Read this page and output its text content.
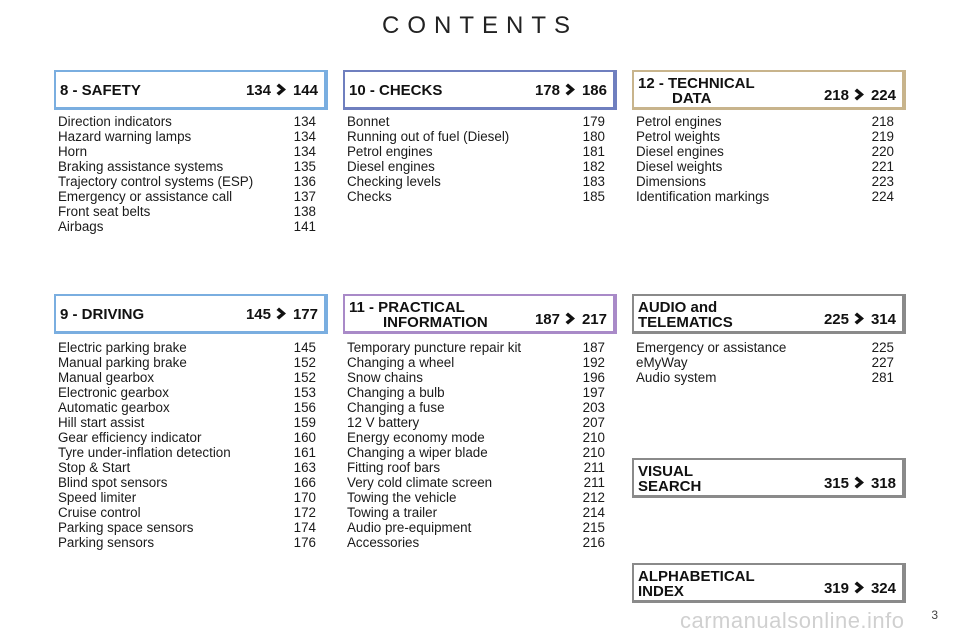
CONTENTS
8 - SAFETY	134 144
Direction indicators	134
Hazard warning lamps	134
Horn	134
Braking assistance systems	135
Trajectory control systems (ESP)	136
Emergency or assistance call	137
Front seat belts	138
Airbags	141
10 - CHECKS	178 186
Bonnet	179
Running out of fuel (Diesel)	180
Petrol engines	181
Diesel engines	182
Checking levels	183
Checks	185
12 - TECHNICAL
DATA	218 224
Petrol engines	218
Petrol weights	219
Diesel engines	220
Diesel weights	221
Dimensions	223
Identification markings	224
9 - DRIVING	145 177
Electric parking brake	145
Manual parking brake	152
Manual gearbox	152
Electronic gearbox	153
Automatic gearbox	156
Hill start assist	159
Gear efficiency indicator	160
Tyre under-inflation detection	161
Stop & Start	163
Blind spot sensors	166
Speed limiter	170
Cruise control	172
Parking space sensors	174
Parking sensors	176
11 - PRACTICAL
INFORMATION	187 217
Temporary puncture repair kit	187
Changing a wheel	192
Snow chains	196
Changing a bulb	197
Changing a fuse	203
12 V battery	207
Energy economy mode	210
Changing a wiper blade	210
Fitting roof bars	211
Very cold climate screen	211
Towing the vehicle	212
Towing a trailer	214
Audio pre-equipment	215
Accessories	216
AUDIO and
TELEMATICS	225 314
Emergency or assistance	225
eMyWay	227
Audio system	281
VISUAL
SEARCH	315 318
ALPHABETICAL
INDEX	319 324
carmanualsonline.info 3
